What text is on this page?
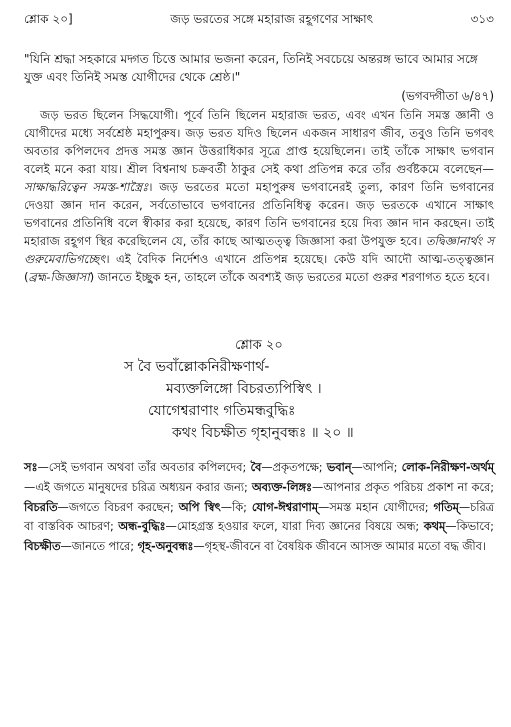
শ্লোক ২০]	জড় ভরতের সঙ্গে মহারাজ রহূগণের সাক্ষাৎ	৩১৩
"যিনি শ্রদ্ধা সহকারে মদ্গত চিত্তে আমার ভজনা করেন, তিনিই সবচেয়ে অন্তরঙ্গ ভাবে আমার সঙ্গে যুক্ত এবং তিনিই সমস্ত যোগীদের থেকে শ্রেষ্ঠ।"
(ভগবদ্গীতা ৬/৪৭)

জড় ভরত ছিলেন সিদ্ধযোগী। পূর্বে তিনি ছিলেন মহারাজ ভরত, এবং এখন তিনি সমস্ত জ্ঞানী ও যোগীদের মধ্যে সর্বশ্রেষ্ঠ মহাপুরুষ। জড় ভরত যদিও ছিলেন একজন সাধারণ জীব, তবুও তিনি ভগবৎ অবতার কপিলদেব প্রদত্ত সমস্ত জ্ঞান উত্তরাধিকার সূত্রে প্রাপ্ত হয়েছিলেন। তাই তাঁকে সাক্ষাৎ ভগবান বলেই মনে করা যায়। শ্রীল বিশ্বনাথ চক্রবর্তী ঠাকুর সেই কথা প্রতিপন্ন করে তাঁর গুর্বষ্টকমে বলেছেন—সাক্ষাদ্ধরিত্বেন সমস্ত-শাস্ত্রৈঃ। জড় ভরতের মতো মহাপুরুষ ভগবানেরই তুল্য, কারণ তিনি ভগবানের দেওয়া জ্ঞান দান করেন, সর্বতোভাবে ভগবানের প্রতিনিধিত্ব করেন। জড় ভরতকে এখানে সাক্ষাৎ ভগবানের প্রতিনিধি বলে স্বীকার করা হয়েছে, কারণ তিনি ভগবানের হয়ে দিব্য জ্ঞান দান করছেন। তাই মহারাজ রহূগণ স্থির করেছিলেন যে, তাঁর কাছে আত্মতত্ত্ব জিজ্ঞাসা করা উপযুক্ত হবে। তদ্বিজ্ঞানার্থং স গুরুমেবাভিগচ্ছেৎ। এই বৈদিক নির্দেশও এখানে প্রতিপন্ন হয়েছে। কেউ যদি আদৌ আত্ম-তত্ত্বজ্ঞান (ব্রহ্ম-জিজ্ঞাসা) জানতে ইচ্ছুক হন, তাহলে তাঁকে অবশ্যই জড় ভরতের মতো গুরুর শরণাগত হতে হবে।

শ্লোক ২০
স বৈ ভবাঁল্লোকনিরীক্ষণার্থ-
মব্যক্তলিঙ্গো বিচরত্যপিস্বিৎ ।
যোগেশ্বরাণাং গতিমন্ধবুদ্ধিঃ
কথং বিচক্ষীত গৃহানুবন্ধঃ ॥ ২০ ॥
সঃ—সেই ভগবান অথবা তাঁর অবতার কপিলদেব; বৈ—প্রকৃতপক্ষে; ভবান্—আপনি; লোক-নিরীক্ষণ-অর্থম্—এই জগতে মানুষদের চরিত্র অধ্যয়ন করার জন্য; অব্যক্ত-লিঙ্গঃ—আপনার প্রকৃত পরিচয় প্রকাশ না করে; বিচরতি—জগতে বিচরণ করছেন; অপি স্বিৎ—কি; যোগ-ঈশ্বরাণাম্—সমস্ত মহান যোগীদের; গতিম্—চরিত্র বা বাস্তবিক আচরণ; অন্ধ-বুদ্ধিঃ—মোহগ্রস্ত হওয়ার ফলে, যারা দিব্য জ্ঞানের বিষয়ে অন্ধ; কথম্—কিভাবে; বিচক্ষীত—জানতে পারে; গৃহ-অনুবন্ধঃ—গৃহস্থ-জীবনে বা বৈষয়িক জীবনে আসক্ত আমার মতো বদ্ধ জীব।
